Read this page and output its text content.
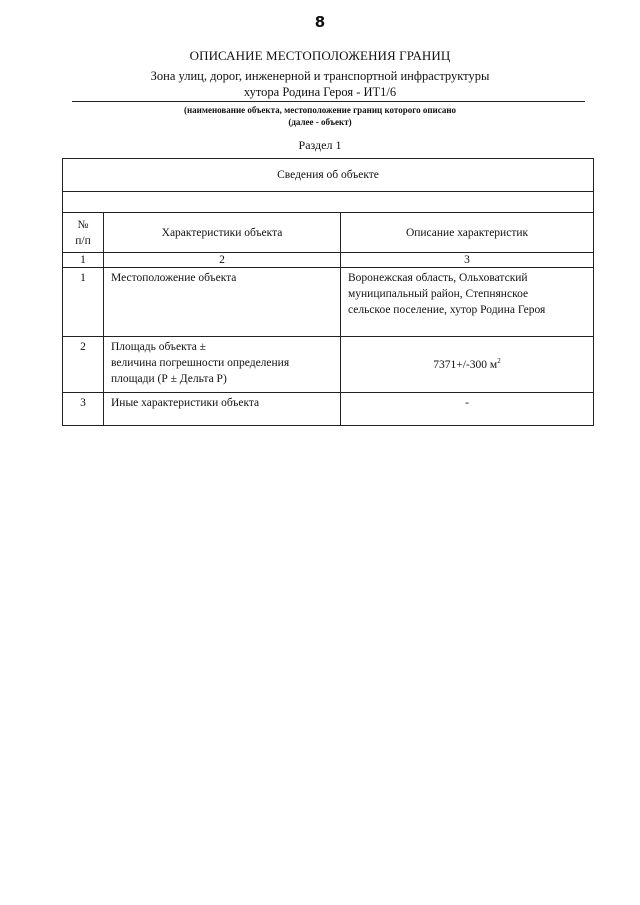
8
ОПИСАНИЕ МЕСТОПОЛОЖЕНИЯ ГРАНИЦ
Зона улиц, дорог, инженерной и транспортной инфраструктуры
хутора Родина Героя - ИТ1/6
(наименование объекта, местоположение границ которого описано
(далее - объект)
Раздел 1
Сведения об объекте		

№
п/п	Характеристики объекта	Описание характеристик
1	2	3
1	Местоположение объекта	Воронежская область, Ольховатский
муниципальный район, Степнянское
сельское поселение, хутор Родина Героя

2	Площадь объекта ±
величина погрешности определения
площади (Р ± Дельта Р)	7371+/-300 $м^2$
3	Иные характеристики объекта	-
